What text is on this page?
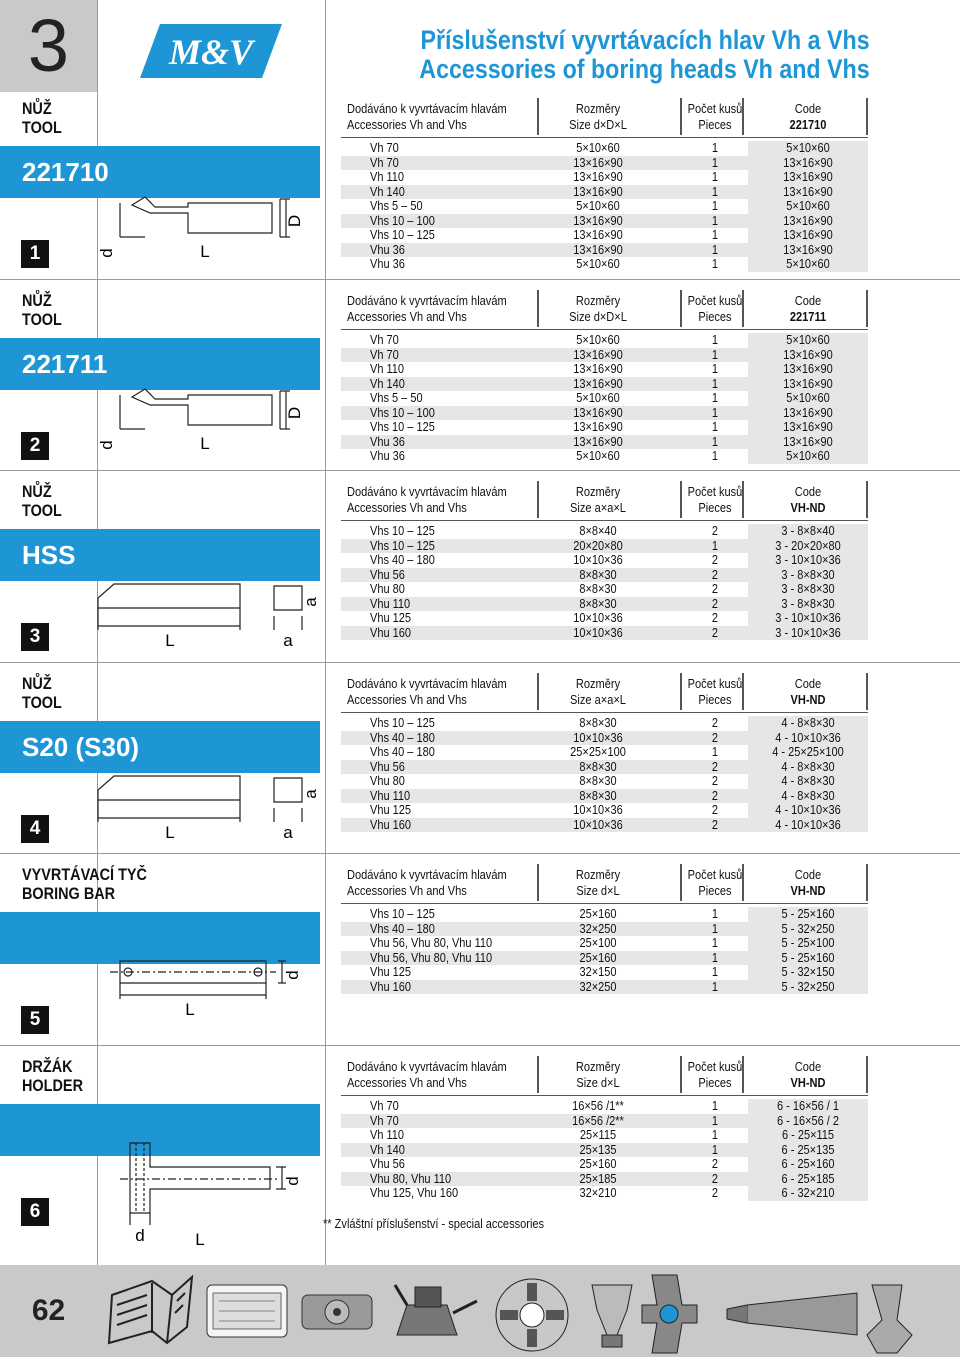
3	M&V	Příslušenství vyvrtávacích hlav Vh a Vhs
Accessories of boring heads Vh and Vhs
NŮŽ
TOOL
221710
1
Dodáváno k vyvrtávacím hlavám
Accessories Vh and Vhs
Rozměry
Size d×D×L
Počet kusů
Pieces
Code
221710
Vh 70	5×10×60	1	5×10×60
Vh 70	13×16×90	1	13×16×90
Vh 110	13×16×90	1	13×16×90
Vh 140	13×16×90	1	13×16×90
Vhs 5 – 50	5×10×60	1	5×10×60
Vhs 10 – 100	13×16×90	1	13×16×90
Vhs 10 – 125	13×16×90	1	13×16×90
Vhu 36	13×16×90	1	13×16×90
Vhu 36	5×10×60	1	5×10×60
NŮŽ
TOOL
221711
2
Dodáváno k vyvrtávacím hlavám
Accessories Vh and Vhs
Rozměry
Size d×D×L
Počet kusů
Pieces
Code
221711
Vh 70	5×10×60	1	5×10×60
Vh 70	13×16×90	1	13×16×90
Vh 110	13×16×90	1	13×16×90
Vh 140	13×16×90	1	13×16×90
Vhs 5 – 50	5×10×60	1	5×10×60
Vhs 10 – 100	13×16×90	1	13×16×90
Vhs 10 – 125	13×16×90	1	13×16×90
Vhu 36	13×16×90	1	13×16×90
Vhu 36	5×10×60	1	5×10×60
NŮŽ
TOOL
HSS
3
Dodáváno k vyvrtávacím hlavám
Accessories Vh and Vhs
Rozměry
Size a×a×L
Počet kusů
Pieces
Code
VH-ND
Vhs 10 – 125	8×8×40	2	3 - 8×8×40
Vhs 10 – 125	20×20×80	1	3 - 20×20×80
Vhs 40 – 180	10×10×36	2	3 - 10×10×36
Vhu 56	8×8×30	2	3 - 8×8×30
Vhu 80	8×8×30	2	3 - 8×8×30
Vhu 110	8×8×30	2	3 - 8×8×30
Vhu 125	10×10×36	2	3 - 10×10×36
Vhu 160	10×10×36	2	3 - 10×10×36
NŮŽ
TOOL
S20 (S30)
4
Dodáváno k vyvrtávacím hlavám
Accessories Vh and Vhs
Rozměry
Size a×a×L
Počet kusů
Pieces
Code
VH-ND
Vhs 10 – 125	8×8×30	2	4 - 8×8×30
Vhs 40 – 180	10×10×36	2	4 - 10×10×36
Vhs 40 – 180	25×25×100	1	4 - 25×25×100
Vhu 56	8×8×30	2	4 - 8×8×30
Vhu 80	8×8×30	2	4 - 8×8×30
Vhu 110	8×8×30	2	4 - 8×8×30
Vhu 125	10×10×36	2	4 - 10×10×36
Vhu 160	10×10×36	2	4 - 10×10×36
VYVRTÁVACÍ TYČ
BORING BAR
5
Dodáváno k vyvrtávacím hlavám
Accessories Vh and Vhs
Rozměry
Size d×L
Počet kusů
Pieces
Code
VH-ND
Vhs 10 – 125	25×160	1	5 - 25×160
Vhs 40 – 180	32×250	1	5 - 32×250
Vhu 56, Vhu 80, Vhu 110	25×100	1	5 - 25×100
Vhu 56, Vhu 80, Vhu 110	25×160	1	5 - 25×160
Vhu 125	32×150	1	5 - 32×150
Vhu 160	32×250	1	5 - 32×250
DRŽÁK
HOLDER
6
Dodáváno k vyvrtávacím hlavám
Accessories Vh and Vhs
Rozměry
Size d×L
Počet kusů
Pieces
Code
VH-ND
Vh 70	16×56 /1**	1	6 - 16×56 / 1
Vh 70	16×56 /2**	1	6 - 16×56 / 2
Vh 110	25×115	1	6 - 25×115
Vh 140	25×135	1	6 - 25×135
Vhu 56	25×160	2	6 - 25×160
Vhu 80, Vhu 110	25×185	2	6 - 25×185
Vhu 125, Vhu 160	32×210	2	6 - 32×210
** Zvláštní příslušenství - special accessories
62
d	L
D
d	L
D
L	a
a
L	a
a
L
d
d	L
d
